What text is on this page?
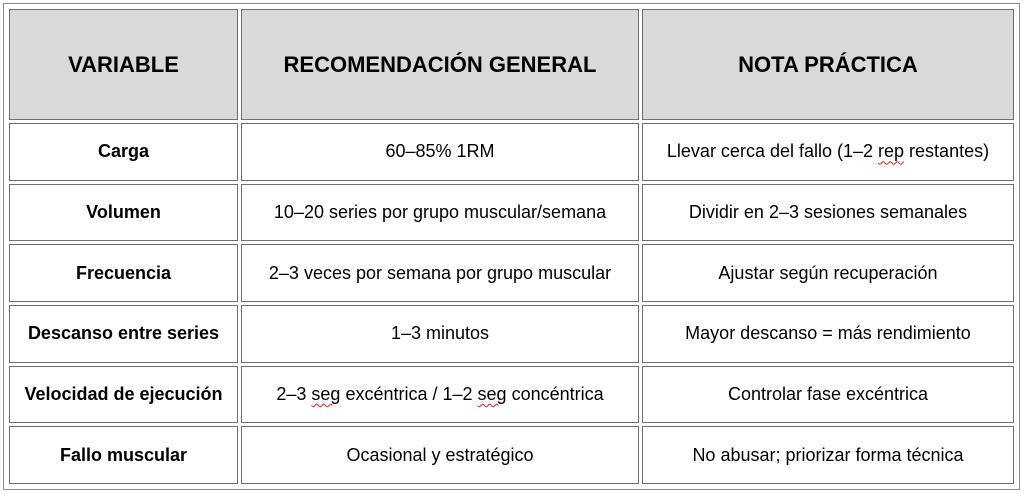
VARIABLE	RECOMENDACIÓN GENERAL	NOTA PRÁCTICA
Carga	60–85% 1RM	Llevar cerca del fallo (1–2 rep restantes)
Volumen	10–20 series por grupo muscular/semana	Dividir en 2–3 sesiones semanales
Frecuencia	2–3 veces por semana por grupo muscular	Ajustar según recuperación
Descanso entre series	1–3 minutos	Mayor descanso = más rendimiento
Velocidad de ejecución	2–3 seg excéntrica / 1–2 seg concéntrica	Controlar fase excéntrica
Fallo muscular	Ocasional y estratégico	No abusar; priorizar forma técnica
